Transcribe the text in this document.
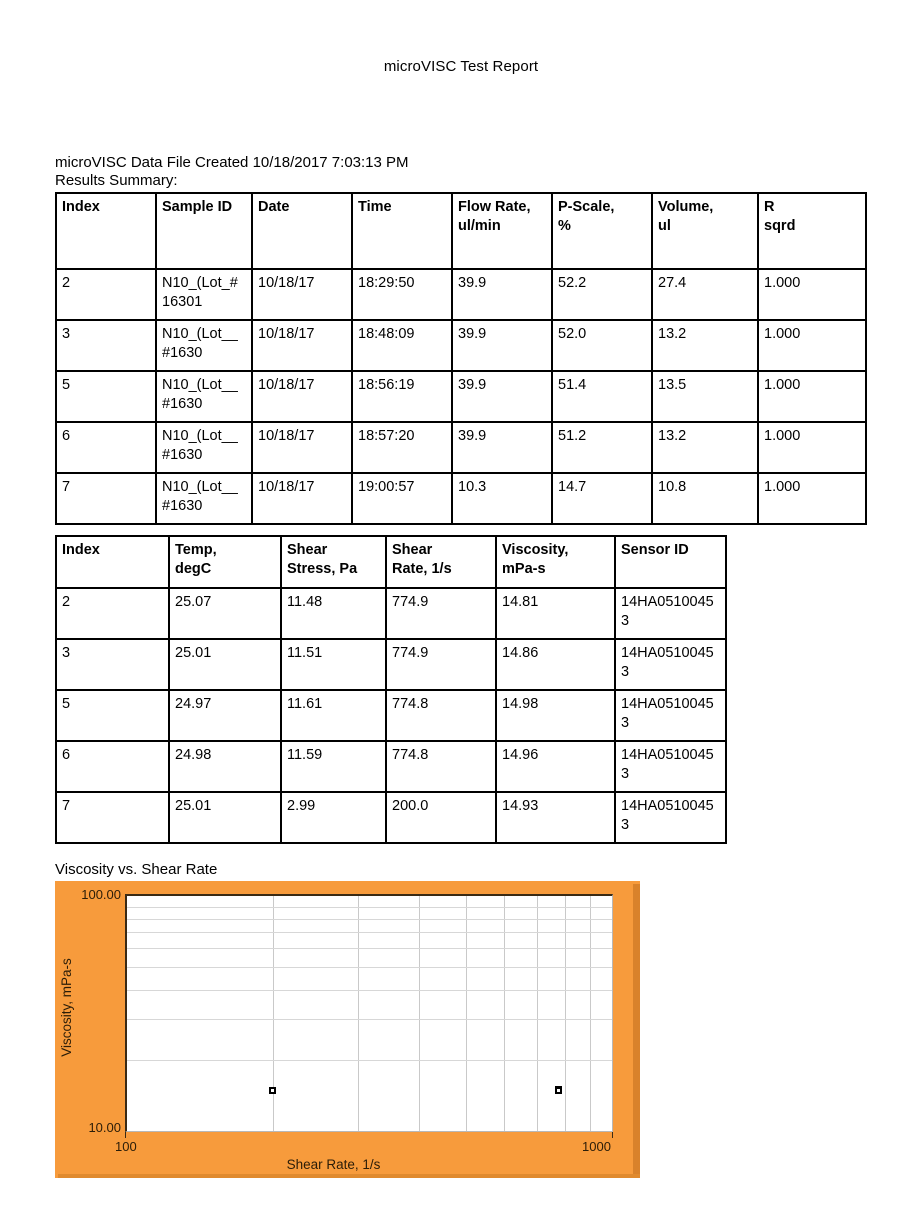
microVISC Test Report

microVISC Data File Created 10/18/2017 7:03:13 PM

Results Summary:
Index	Sample ID	Date	Time	Flow Rate,
ul/min	P-Scale,
%	Volume,
ul	R
sqrd
2	N10_(Lot_#
16301	10/18/17	18:29:50	39.9	52.2	27.4	1.000
3	N10_(Lot__
#1630	10/18/17	18:48:09	39.9	52.0	13.2	1.000
5	N10_(Lot__
#1630	10/18/17	18:56:19	39.9	51.4	13.5	1.000
6	N10_(Lot__
#1630	10/18/17	18:57:20	39.9	51.2	13.2	1.000
7	N10_(Lot__
#1630	10/18/17	19:00:57	10.3	14.7	10.8	1.000
Index	Temp,
degC	Shear
Stress, Pa	Shear
Rate, 1/s	Viscosity,
mPa-s	Sensor ID
2	25.07	11.48	774.9	14.81	14HA05100453
3	25.01	11.51	774.9	14.86	14HA05100453
5	24.97	11.61	774.8	14.98	14HA05100453
6	24.98	11.59	774.8	14.96	14HA05100453
7	25.01	2.99	200.0	14.93	14HA05100453
Viscosity vs. Shear Rate
Viscosity, mPa-s
100.00
10.00
100	1000
Shear Rate, 1/s
